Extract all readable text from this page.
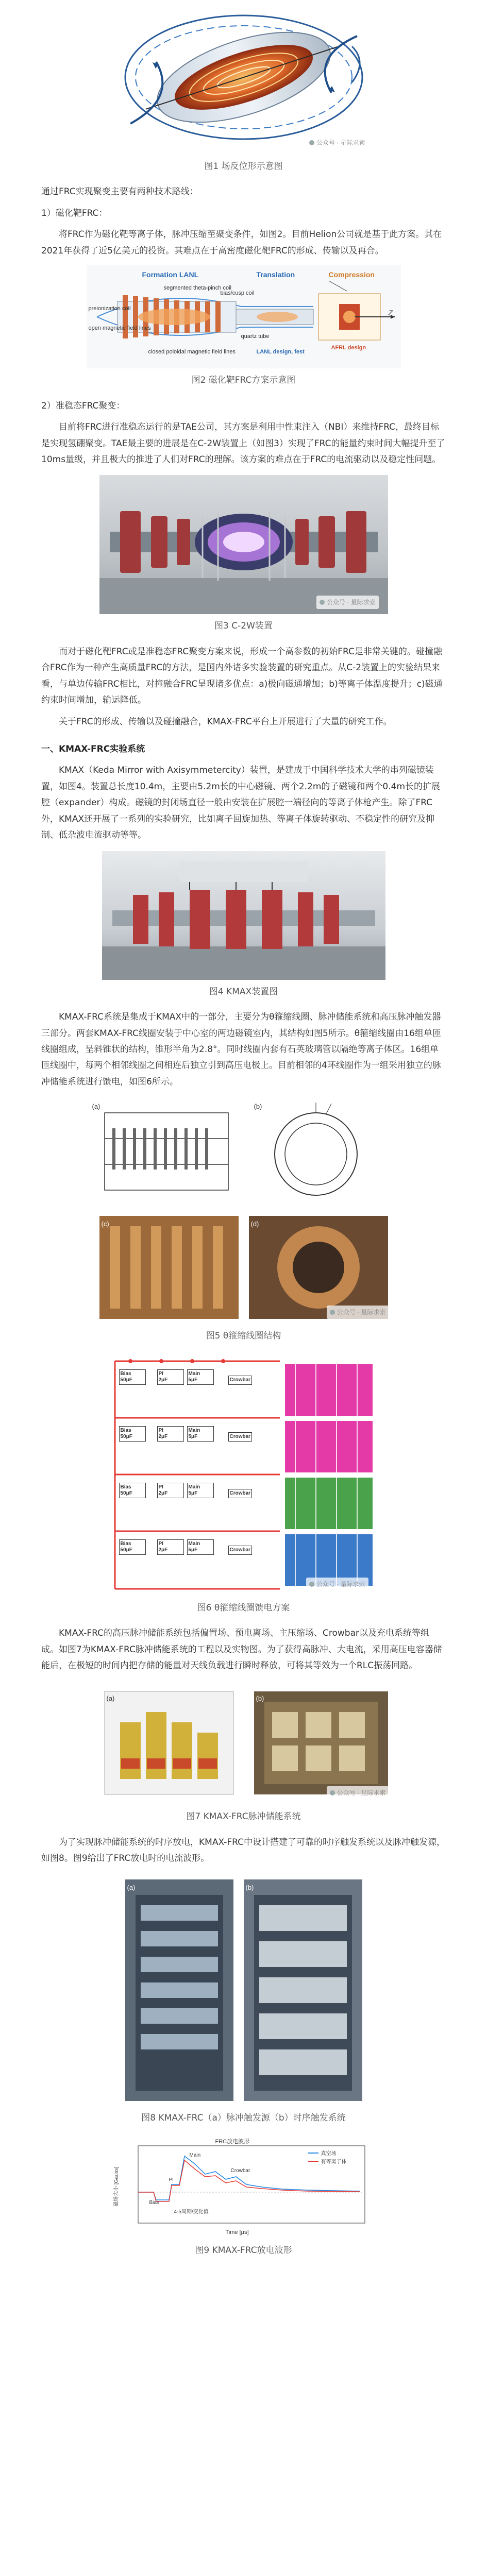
公众号 · 星际求索
图1 场反位形示意图

通过FRC实现聚变主要有两种技术路线：

1）磁化靶FRC：

将FRC作为磁化靶等离子体，脉冲压缩至聚变条件，如图2。目前Helion公司就是基于此方案。其在2021年获得了近5亿美元的投资。其难点在于高密度磁化靶FRC的形成、传输以及再合。

Formation LANL	Translation	Compression
segmented theta-pinch coil
bias/cusp coil
preionization coil
open magnetic field lines
closed poloidal magnetic field lines
quartz tube
LANL design, fest
AFRL design
Z
图2 磁化靶FRC方案示意图

2）准稳态FRC聚变：

目前将FRC进行准稳态运行的是TAE公司，其方案是利用中性束注入（NBI）来维持FRC，最终目标是实现氢硼聚变。TAE最主要的进展是在C-2W装置上（如图3）实现了FRC的能量约束时间大幅提升至了10ms量级，并且极大的推进了人们对FRC的理解。该方案的难点在于FRC的电流驱动以及稳定性问题。

公众号 · 星际求索
图3 C-2W装置

而对于磁化靶FRC或是准稳态FRC聚变方案来说，形成一个高参数的初始FRC是非常关键的。碰撞融合FRC作为一种产生高质量FRC的方法，是国内外诸多实验装置的研究重点。从C-2装置上的实验结果来看，与单边传输FRC相比，对撞融合FRC呈现诸多优点：a)极向磁通增加；b)等离子体温度提升；c)磁通约束时间增加，输运降低。

关于FRC的形成、传输以及碰撞融合，KMAX-FRC平台上开展进行了大量的研究工作。

一、KMAX-FRC实验系统

KMAX（Keda Mirror with Axisymmetercity）装置，是建成于中国科学技术大学的串列磁镜装置，如图4。装置总长度10.4m，主要由5.2m长的中心磁镜、两个2.2m的子磁镜和两个0.4m长的扩展腔（expander）构成。磁镜的封闭场直径一般由安装在扩展腔一端径向的等离子体枪产生。除了FRC外，KMAX还开展了一系列的实验研究，比如离子回旋加热、等离子体旋转驱动、不稳定性的研究及抑制、低杂波电流驱动等等。

图4 KMAX装置图

KMAX-FRC系统是集成于KMAX中的一部分，主要分为θ箍缩线圈、脉冲储能系统和高压脉冲触发器三部分。两套KMAX-FRC线圈安装于中心室的两边磁镜室内，其结构如图5所示。θ箍缩线圈由16组单匝线圈组成，呈斜锥状的结构，锥形半角为2.8°。同时线圈内套有石英玻璃管以隔绝等离子体区。16组单匝线圈中，每两个相邻线圈之间相连后独立引到高压电极上。目前相邻的4环线圈作为一组采用独立的脉冲储能系统进行馈电，如图6所示。

(a)	(b)
(c)	(d)
公众号 · 星际求索
图5 θ箍缩线圈结构
Bias
50μF
PI
2μF
Main
5μF	Crowbar
Bias
50μF
PI
2μF
Main
5μF	Crowbar
Bias
50μF
PI
2μF
Main
5μF	Crowbar
Bias
50μF
PI
2μF
Main
5μF	Crowbar
公众号 · 星际求索
图6 θ箍缩线圈馈电方案

KMAX-FRC的高压脉冲储能系统包括偏置场、预电离场、主压缩场、Crowbar以及充电系统等组成。如图7为KMAX-FRC脉冲储能系统的工程以及实物图。为了获得高脉冲、大电流，采用高压电容器储能后，在极短的时间内把存储的能量对天线负载进行瞬时释放，可将其等效为一个RLC振荡回路。

(a)	(b)
公众号 · 星际求索
图7 KMAX-FRC脉冲储能系统

为了实现脉冲储能系统的时序放电，KMAX-FRC中设计搭建了可靠的时序触发系统以及脉冲触发源，如图8。图9给出了FRC放电时的电流波形。

(a)	(b)
图8 KMAX-FRC（a）脉冲触发源（b）时序触发系统
FRC放电波形
Time [μs]
磁场大小 [Gauss]
真空场
有等离子体
Bias
PI
Main
Crowbar
4-5周期/变化值
图9 KMAX-FRC放电波形
